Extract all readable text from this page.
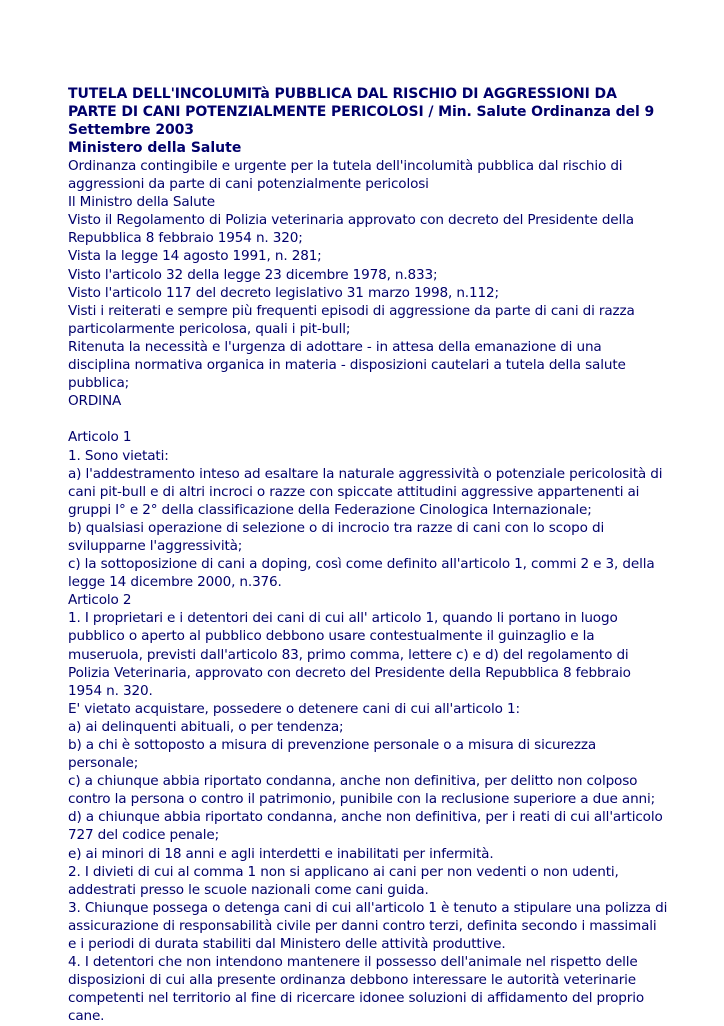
TUTELA DELL'INCOLUMITà PUBBLICA DAL RISCHIO DI AGGRESSIONI DA PARTE DI CANI POTENZIALMENTE PERICOLOSI / Min. Salute Ordinanza del 9 Settembre 2003
Ministero della Salute

Ordinanza contingibile e urgente per la tutela dell'incolumità pubblica dal rischio di aggressioni da parte di cani potenzialmente pericolosi

Il Ministro della Salute

Visto il Regolamento di Polizia veterinaria approvato con decreto del Presidente della Repubblica 8 febbraio 1954 n. 320;

Vista la legge 14 agosto 1991, n. 281;

Visto l'articolo 32 della legge 23 dicembre 1978, n.833;

Visto l'articolo 117 del decreto legislativo 31 marzo 1998, n.112;

Visti i reiterati e sempre più frequenti episodi di aggressione da parte di cani di razza particolarmente pericolosa, quali i pit-bull;

Ritenuta la necessità e l'urgenza di adottare - in attesa della emanazione di una disciplina normativa organica in materia - disposizioni cautelari a tutela della salute pubblica;

ORDINA

Articolo 1

1. Sono vietati:

a) l'addestramento inteso ad esaltare la naturale aggressività o potenziale pericolosità di cani pit-bull e di altri incroci o razze con spiccate attitudini aggressive appartenenti ai gruppi I° e 2° della classificazione della Federazione Cinologica Internazionale;

b) qualsiasi operazione di selezione o di incrocio tra razze di cani con lo scopo di svilupparne l'aggressività;

c) la sottoposizione di cani a doping, così come definito all'articolo 1, commi 2 e 3, della legge 14 dicembre 2000, n.376.

Articolo 2

1. I proprietari e i detentori dei cani di cui all' articolo 1, quando li portano in luogo pubblico o aperto al pubblico debbono usare contestualmente il guinzaglio e la museruola, previsti dall'articolo 83, primo comma, lettere c) e d) del regolamento di Polizia Veterinaria, approvato con decreto del Presidente della Repubblica 8 febbraio 1954 n. 320.

E' vietato acquistare, possedere o detenere cani di cui all'articolo 1:

a) ai delinquenti abituali, o per tendenza;

b) a chi è sottoposto a misura di prevenzione personale o a misura di sicurezza personale;

c) a chiunque abbia riportato condanna, anche non definitiva, per delitto non colposo contro la persona o contro il patrimonio, punibile con la reclusione superiore a due anni;

d) a chiunque abbia riportato condanna, anche non definitiva, per i reati di cui all'articolo 727 del codice penale;

e) ai minori di 18 anni e agli interdetti e inabilitati per infermità.

2. I divieti di cui al comma 1 non si applicano ai cani per non vedenti o non udenti, addestrati presso le scuole nazionali come cani guida.

3. Chiunque possega o detenga cani di cui all'articolo 1 è tenuto a stipulare una polizza di assicurazione di responsabilità civile per danni contro terzi, definita secondo i massimali e i periodi di durata stabiliti dal Ministero delle attività produttive.

4. I detentori che non intendono mantenere il possesso dell'animale nel rispetto delle disposizioni di cui alla presente ordinanza debbono interessare le autorità veterinarie competenti nel territorio al fine di ricercare idonee soluzioni di affidamento del proprio cane.
